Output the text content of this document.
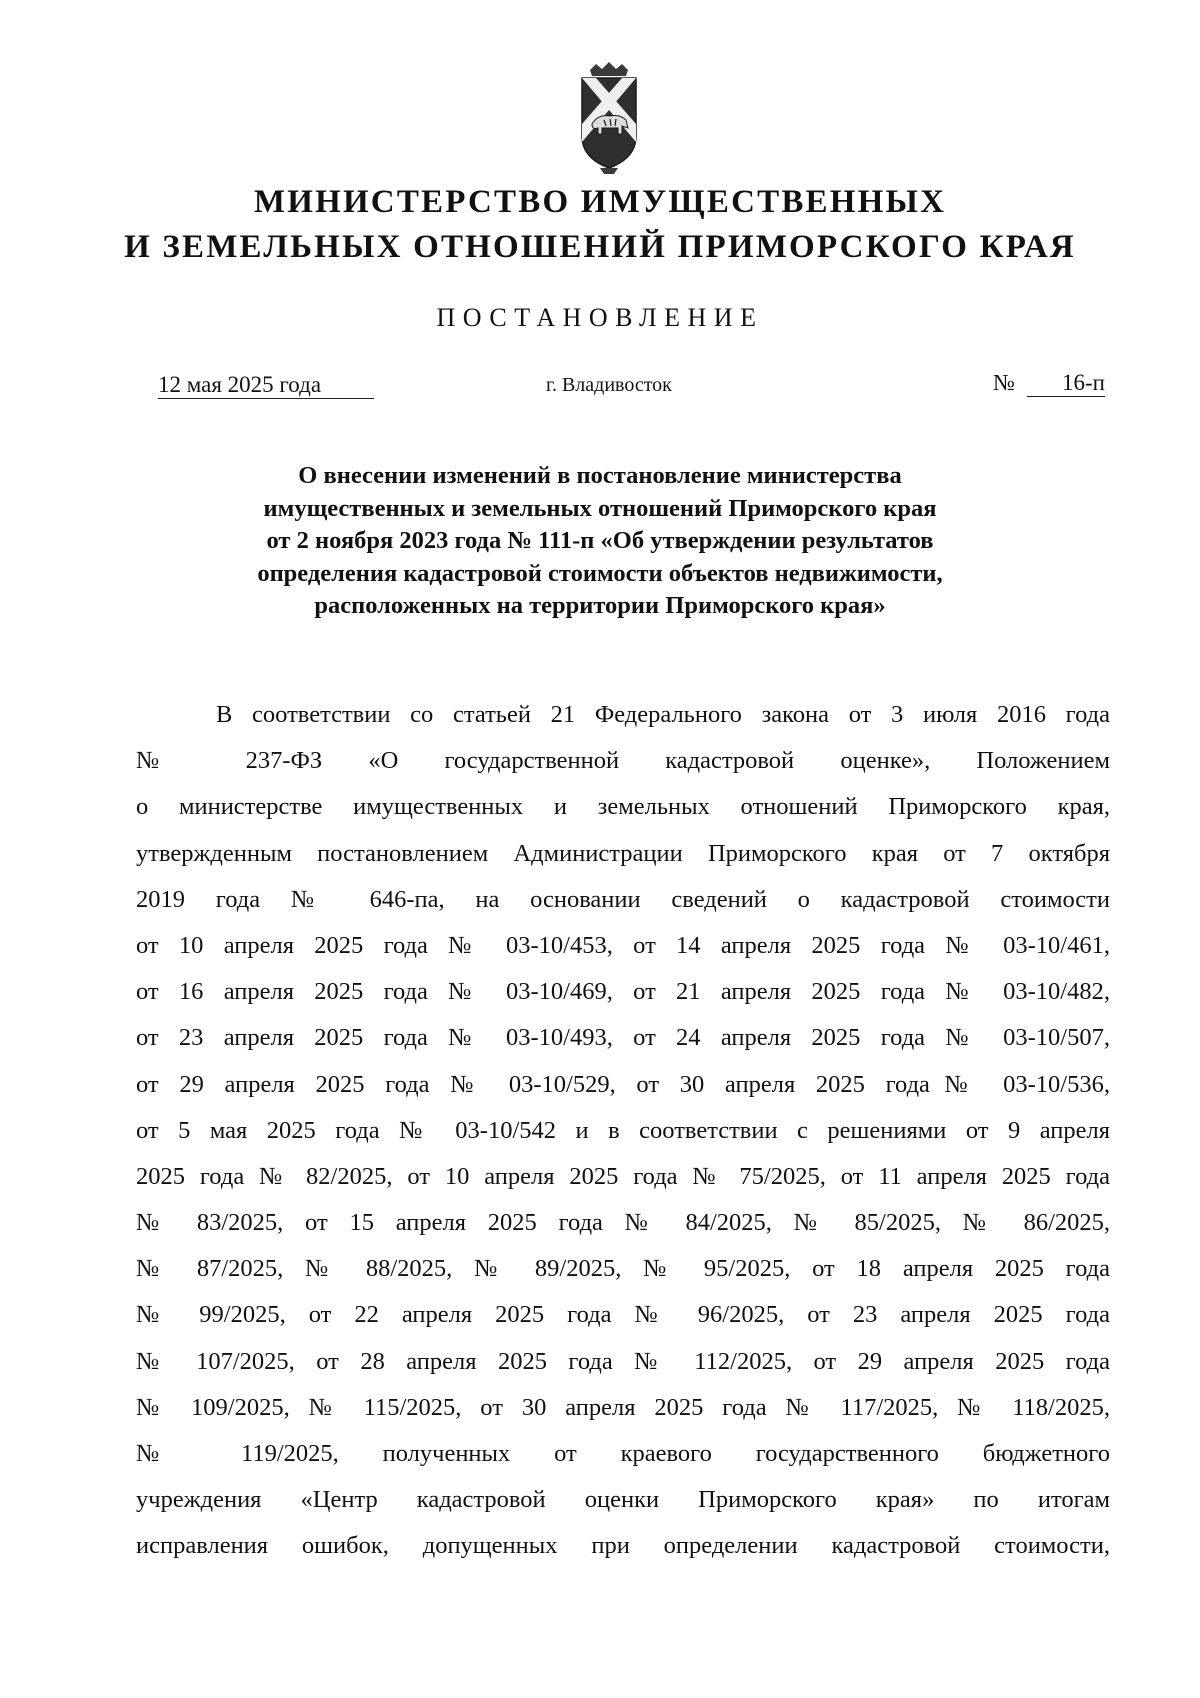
МИНИСТЕРСТВО ИМУЩЕСТВЕННЫХ
И ЗЕМЕЛЬНЫХ ОТНОШЕНИЙ ПРИМОРСКОГО КРАЯ
ПОСТАНОВЛЕНИЕ
12 мая 2025 года	г. Владивосток	№ 16-п
О внесении изменений в постановление министерства
имущественных и земельных отношений Приморского края
от 2 ноября 2023 года № 111-п «Об утверждении результатов
определения кадастровой стоимости объектов недвижимости,
расположенных на территории Приморского края»
В соответствии со статьей 21 Федерального закона от 3 июля 2016 года
№ 237-ФЗ «О государственной кадастровой оценке», Положением
о министерстве имущественных и земельных отношений Приморского края,
утвержденным постановлением Администрации Приморского края от 7 октября
2019 года № 646-па, на основании сведений о кадастровой стоимости
от 10 апреля 2025 года № 03-10/453, от 14 апреля 2025 года № 03-10/461,
от 16 апреля 2025 года № 03-10/469, от 21 апреля 2025 года № 03-10/482,
от 23 апреля 2025 года № 03-10/493, от 24 апреля 2025 года № 03-10/507,
от 29 апреля 2025 года № 03-10/529, от 30 апреля 2025 года№ 03-10/536,
от 5 мая 2025 года № 03-10/542 и в соответствии с решениями от 9 апреля
2025 года № 82/2025, от 10 апреля 2025 года № 75/2025, от 11 апреля 2025 года
№ 83/2025, от 15 апреля 2025 года № 84/2025, № 85/2025, № 86/2025,
№ 87/2025, № 88/2025, № 89/2025, № 95/2025, от 18 апреля 2025 года
№ 99/2025, от 22 апреля 2025 года № 96/2025, от 23 апреля 2025 года
№ 107/2025, от 28 апреля 2025 года № 112/2025, от 29 апреля 2025 года
№ 109/2025, № 115/2025, от 30 апреля 2025 года № 117/2025, № 118/2025,
№ 119/2025, полученных от краевого государственного бюджетного
учреждения «Центр кадастровой оценки Приморского края» по итогам
исправления ошибок, допущенных при определении кадастровой стоимости,
